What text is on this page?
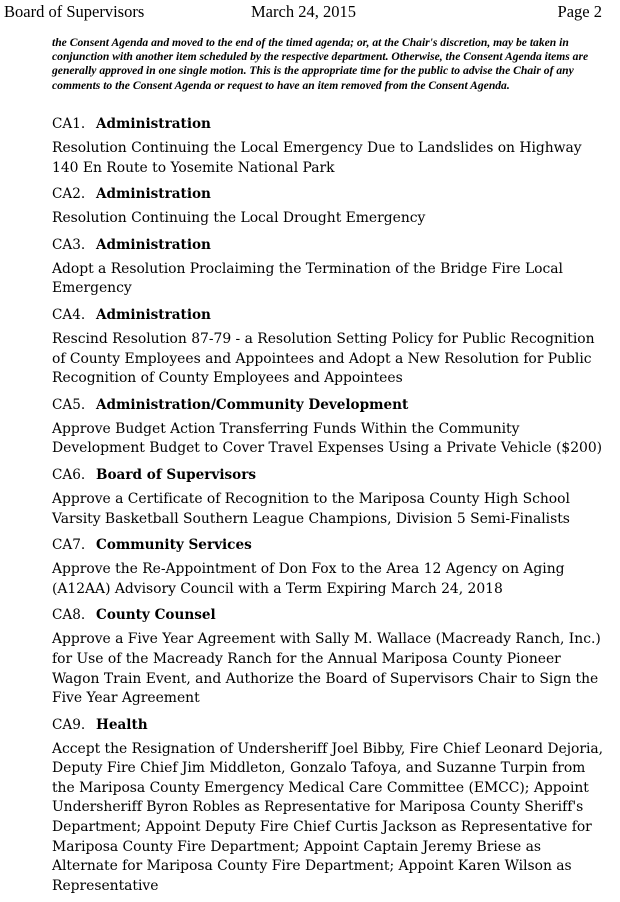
Board of Supervisors	March 24, 2015	Page 2

the Consent Agenda and moved to the end of the timed agenda; or, at the Chair's discretion, may be taken in conjunction with another item scheduled by the respective department. Otherwise, the Consent Agenda items are generally approved in one single motion. This is the appropriate time for the public to advise the Chair of any comments to the Consent Agenda or request to have an item removed from the Consent Agenda.

CA1. Administration

Resolution Continuing the Local Emergency Due to Landslides on Highway 140 En Route to Yosemite National Park

CA2. Administration

Resolution Continuing the Local Drought Emergency

CA3. Administration

Adopt a Resolution Proclaiming the Termination of the Bridge Fire Local Emergency

CA4. Administration

Rescind Resolution 87-79 - a Resolution Setting Policy for Public Recognition of County Employees and Appointees and Adopt a New Resolution for Public Recognition of County Employees and Appointees

CA5. Administration/Community Development

Approve Budget Action Transferring Funds Within the Community Development Budget to Cover Travel Expenses Using a Private Vehicle ($200)

CA6. Board of Supervisors

Approve a Certificate of Recognition to the Mariposa County High School Varsity Basketball Southern League Champions, Division 5 Semi-Finalists

CA7. Community Services

Approve the Re-Appointment of Don Fox to the Area 12 Agency on Aging (A12AA) Advisory Council with a Term Expiring March 24, 2018

CA8. County Counsel

Approve a Five Year Agreement with Sally M. Wallace (Macready Ranch, Inc.) for Use of the Macready Ranch for the Annual Mariposa County Pioneer Wagon Train Event, and Authorize the Board of Supervisors Chair to Sign the Five Year Agreement

CA9. Health

Accept the Resignation of Undersheriff Joel Bibby, Fire Chief Leonard Dejoria, Deputy Fire Chief Jim Middleton, Gonzalo Tafoya, and Suzanne Turpin from the Mariposa County Emergency Medical Care Committee (EMCC); Appoint Undersheriff Byron Robles as Representative for Mariposa County Sheriff's Department; Appoint Deputy Fire Chief Curtis Jackson as Representative for Mariposa County Fire Department; Appoint Captain Jeremy Briese as Alternate for Mariposa County Fire Department; Appoint Karen Wilson as Representative
